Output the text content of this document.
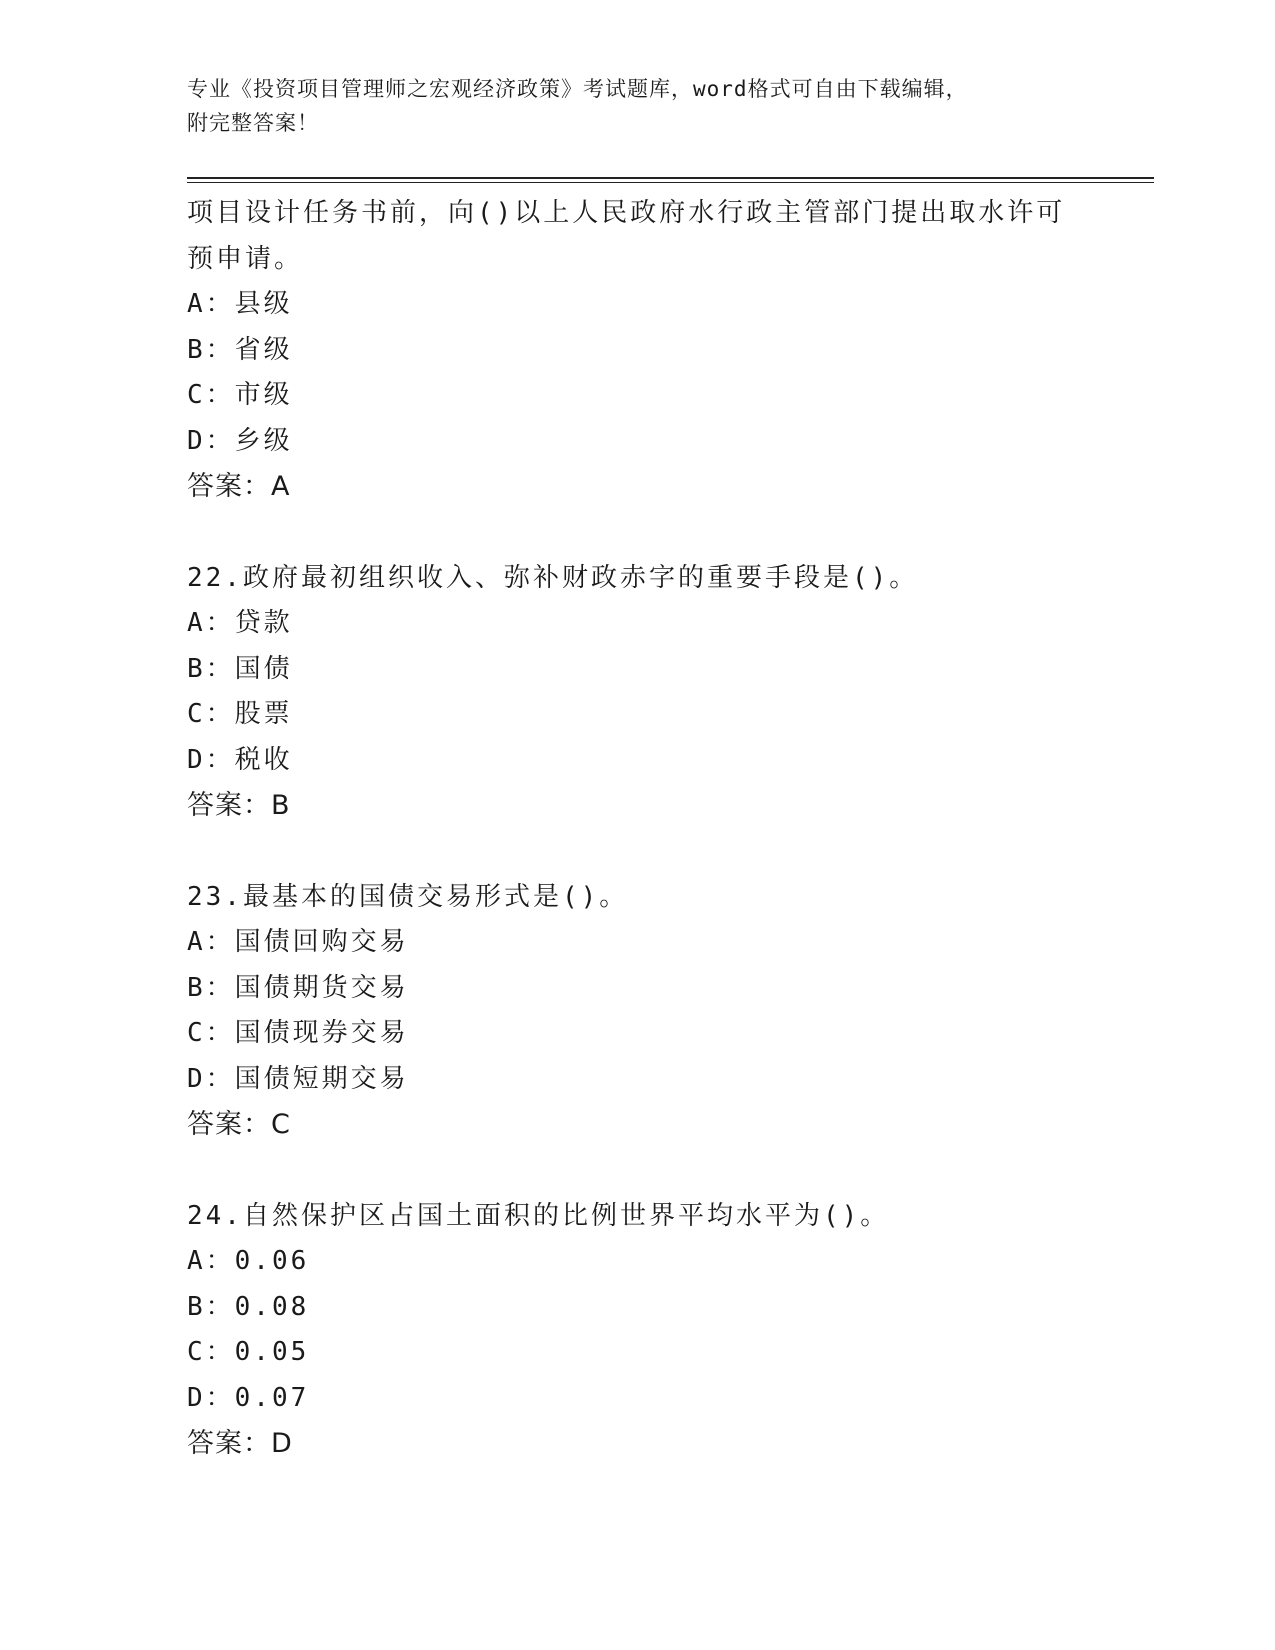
专业《投资项目管理师之宏观经济政策》考试题库，word格式可自由下载编辑，
附完整答案！
项目设计任务书前，向()以上人民政府水行政主管部门提出取水许可
预申请。
A：县级
B：省级
C：市级
D：乡级
答案：A
22.政府最初组织收入、弥补财政赤字的重要手段是()。
A：贷款
B：国债
C：股票
D：税收
答案：B
23.最基本的国债交易形式是()。
A：国债回购交易
B：国债期货交易
C：国债现券交易
D：国债短期交易
答案：C
24.自然保护区占国土面积的比例世界平均水平为()。
A：0.06
B：0.08
C：0.05
D：0.07
答案：D
